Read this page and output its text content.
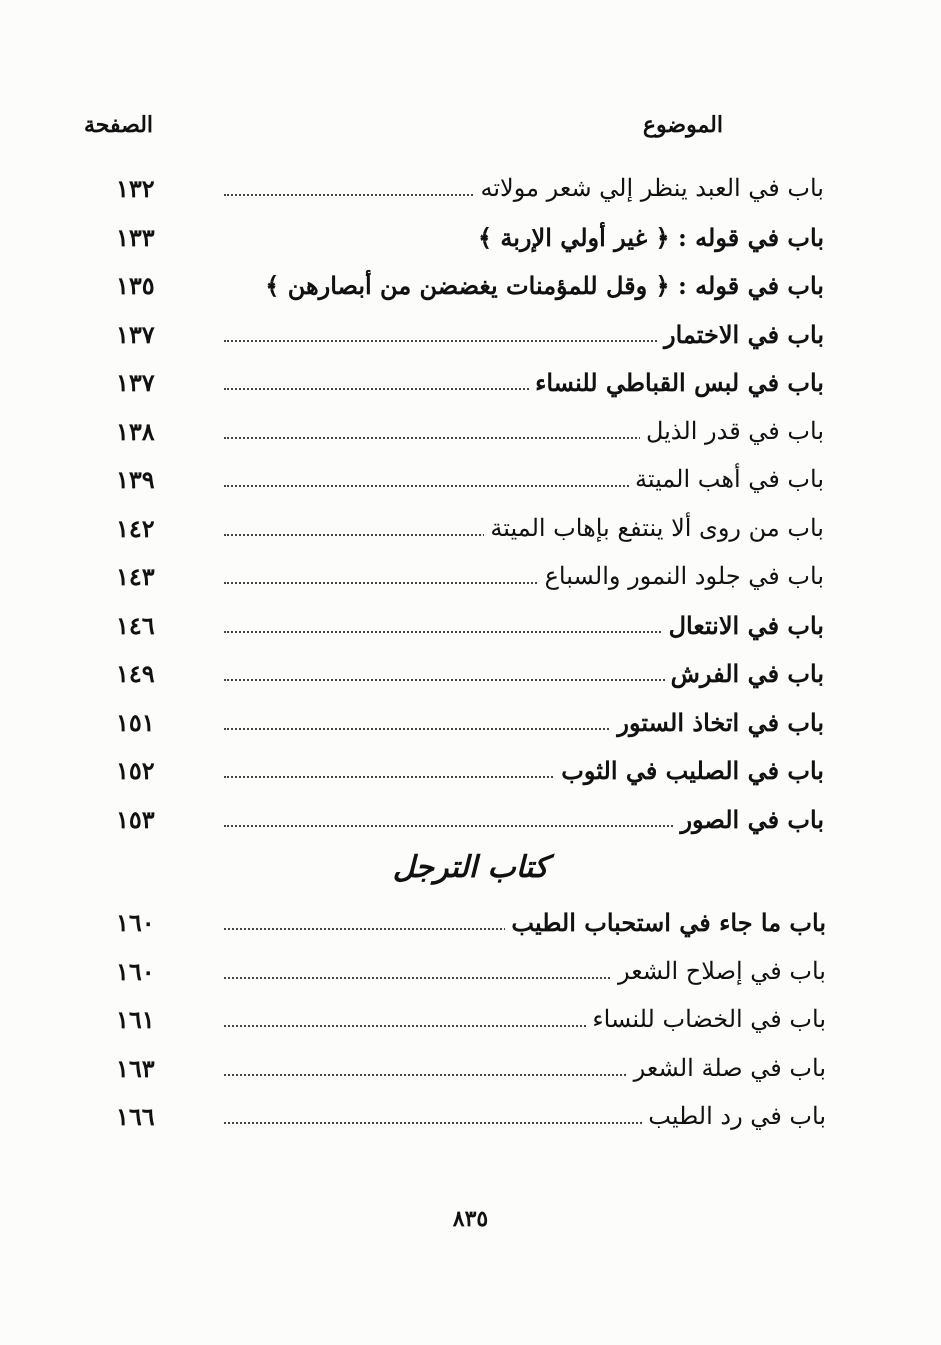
الموضوع
الصفحة
باب في العبد ينظر إلي شعر مولاته
١٣٢
باب في قوله : ﴿ غير أولي الإربة ﴾
١٣٣
باب في قوله : ﴿ وقل للمؤمنات يغضضن من أبصارهن ﴾
١٣٥
باب في الاختمار
١٣٧
باب في لبس القباطي للنساء
١٣٧
باب في قدر الذيل
١٣٨
باب في أهب الميتة
١٣٩
باب من روى ألا ينتفع بإهاب الميتة
١٤٢
باب في جلود النمور والسباع
١٤٣
باب في الانتعال
١٤٦
باب في الفرش
١٤٩
باب في اتخاذ الستور
١٥١
باب في الصليب في الثوب
١٥٢
باب في الصور
١٥٣
كتاب الترجل
باب ما جاء في استحباب الطيب
١٦٠
باب في إصلاح الشعر
١٦٠
باب في الخضاب للنساء
١٦١
باب في صلة الشعر
١٦٣
باب في رد الطيب
١٦٦
٨٣٥
